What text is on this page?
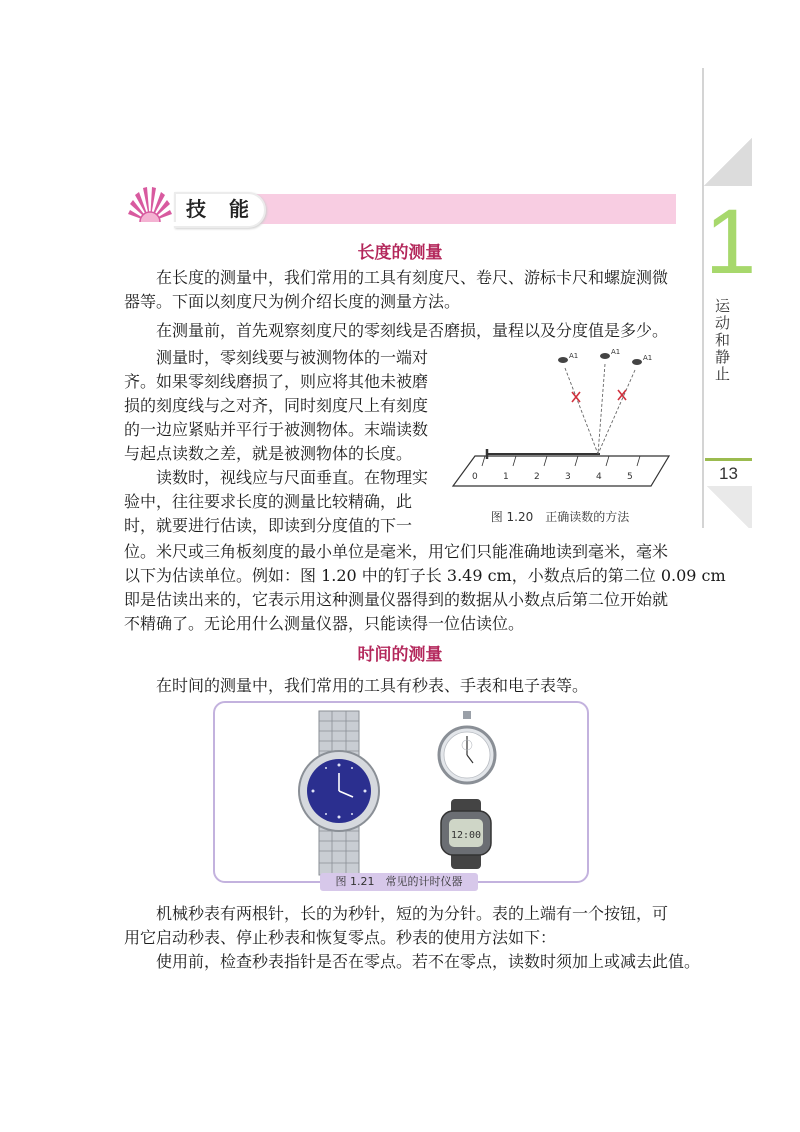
1
运动和静止
13
技 能
长度的测量
在长度的测量中，我们常用的工具有刻度尺、卷尺、游标卡尺和螺旋测微
器等。下面以刻度尺为例介绍长度的测量方法。
在测量前，首先观察刻度尺的零刻线是否磨损，量程以及分度值是多少。
测量时，零刻线要与被测物体的一端对
齐。如果零刻线磨损了，则应将其他未被磨
损的刻度线与之对齐，同时刻度尺上有刻度
的一边应紧贴并平行于被测物体。末端读数
与起点读数之差，就是被测物体的长度。
读数时，视线应与尺面垂直。在物理实
验中，往往要求长度的测量比较精确，此
时，就要进行估读，即读到分度值的下一
位。米尺或三角板刻度的最小单位是毫米，用它们只能准确地读到毫米，毫米
以下为估读单位。例如：图 1.20 中的钉子长 3.49 cm，小数点后的第二位 0.09 cm
即是估读出来的，它表示用这种测量仪器得到的数据从小数点后第二位开始就
不精确了。无论用什么测量仪器，只能读得一位估读位。
A1	A1
A1
0	1	2	3	4	5
图 1.20　正确读数的方法
时间的测量
在时间的测量中，我们常用的工具有秒表、手表和电子表等。
12:00
图 1.21　常见的计时仪器
机械秒表有两根针，长的为秒针，短的为分针。表的上端有一个按钮，可
用它启动秒表、停止秒表和恢复零点。秒表的使用方法如下：
使用前，检查秒表指针是否在零点。若不在零点，读数时须加上或减去此值。
